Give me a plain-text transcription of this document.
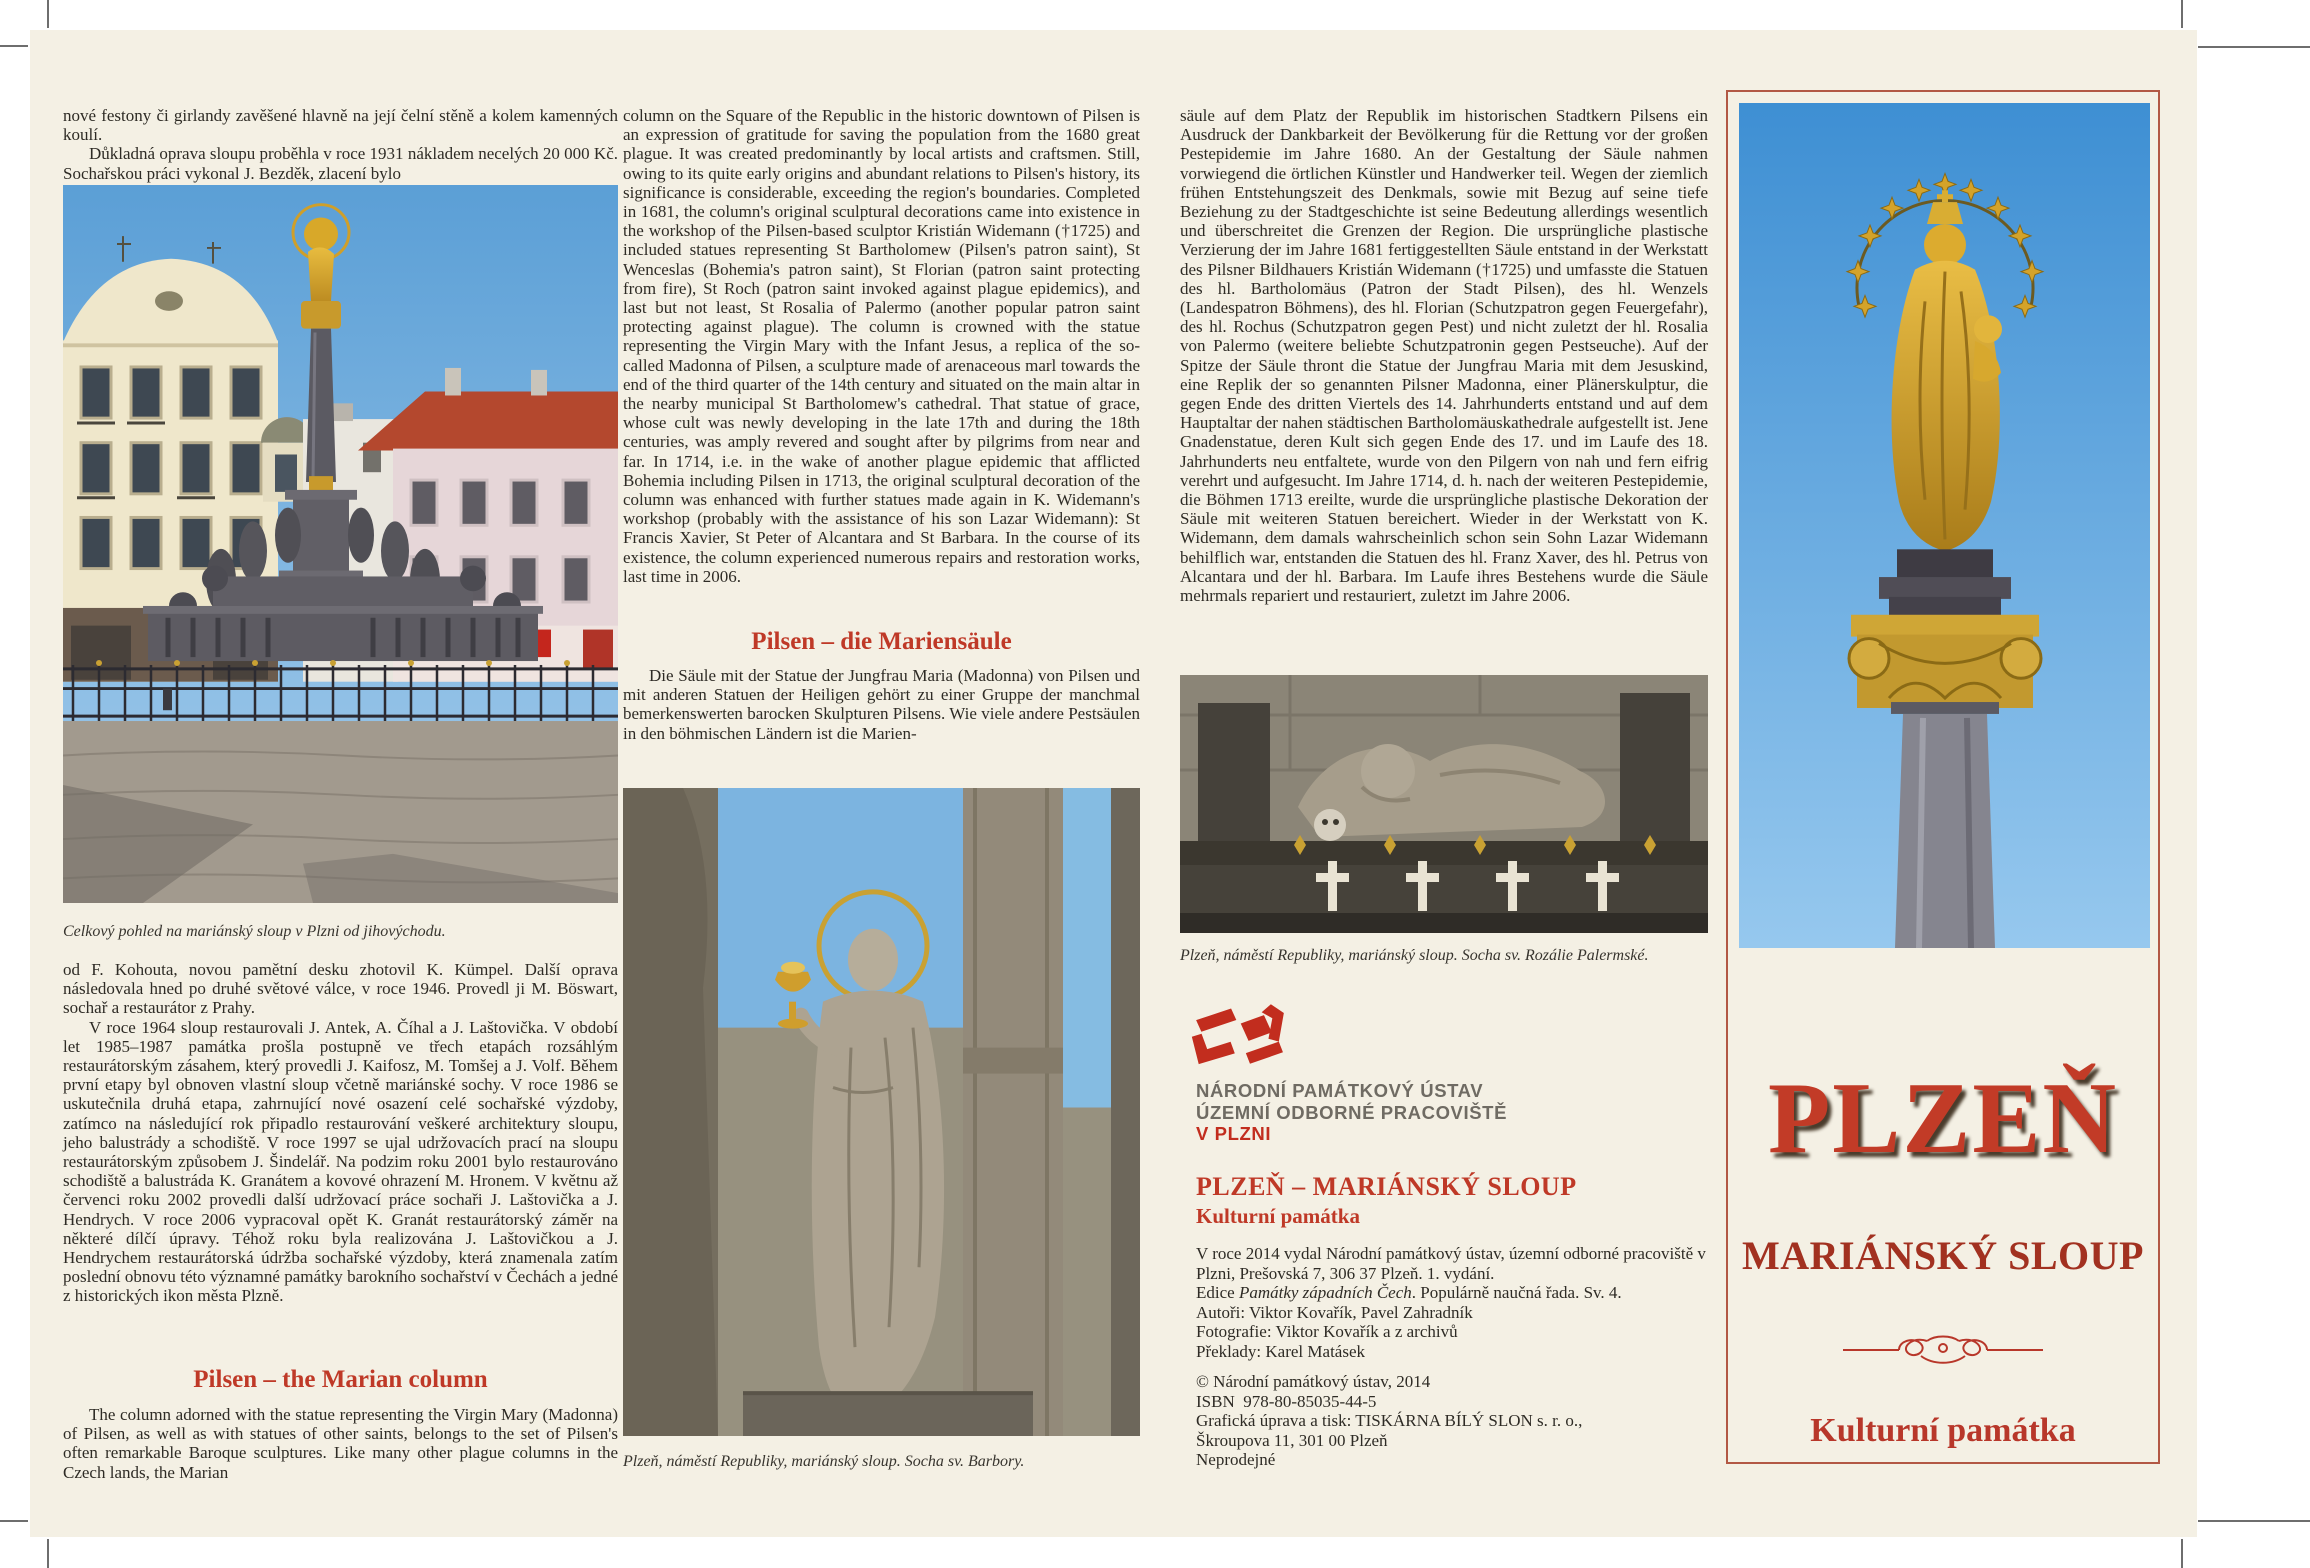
nové festony či girlandy zavěšené hlavně na její čelní stěně a kolem kamenných koulí.

Důkladná oprava sloupu proběhla v roce 1931 nákladem necelých 20 000 Kč. Sochařskou práci vykonal J. Bezděk, zlacení bylo

Celkový pohled na mariánský sloup v Plzni od jihovýchodu.

od F. Kohouta, novou pamětní desku zhotovil K. Kümpel. Další oprava následovala hned po druhé světové válce, v roce 1946. Provedl ji M. Böswart, sochař a restaurátor z Prahy.

V roce 1964 sloup restaurovali J. Antek, A. Číhal a J. Laštovička. V období let 1985–1987 památka prošla postupně ve třech etapách rozsáhlým restaurátorským zásahem, který provedli J. Kaifosz, M. Tomšej a J. Volf. Během první etapy byl obnoven vlastní sloup včetně mariánské sochy. V roce 1986 se uskutečnila druhá etapa, zahrnující nové osazení celé sochařské výzdoby, zatímco na následující rok připadlo restaurování veškeré architektury sloupu, jeho balustrády a schodiště. V roce 1997 se ujal udržovacích prací na sloupu restaurátorským způsobem J. Šindelář. Na podzim roku 2001 bylo restaurováno schodiště a balustráda K. Granátem a kovové ohrazení M. Hronem. V květnu až červenci roku 2002 provedli další udržovací práce sochaři J. Laštovička a J. Hendrych. V roce 2006 vypracoval opět K. Granát restaurátorský záměr na některé dílčí úpravy. Téhož roku byla realizována J. Laštovičkou a J. Hendrychem restaurátorská údržba sochařské výzdoby, která znamenala zatím poslední obnovu této významné památky barokního sochařství v Čechách a jedné z historických ikon města Plzně.

Pilsen – the Marian column

The column adorned with the statue representing the Virgin Mary (Madonna) of Pilsen, as well as with statues of other saints, belongs to the set of Pilsen's often remarkable Baroque sculptures. Like many other plague columns in the Czech lands, the Marian

column on the Square of the Republic in the historic downtown of Pilsen is an expression of gratitude for saving the population from the 1680 great plague. It was created predominantly by local artists and craftsmen. Still, owing to its quite early origins and abundant relations to Pilsen's history, its significance is considerable, exceeding the region's boundaries. Completed in 1681, the column's original sculptural decorations came into existence in the workshop of the Pilsen-based sculptor Kristián Widemann (†1725) and included statues representing St Bartholomew (Pilsen's patron saint), St Wenceslas (Bohemia's patron saint), St Florian (patron saint protecting from fire), St Roch (patron saint invoked against plague epidemics), and last but not least, St Rosalia of Palermo (another popular patron saint protecting against plague). The column is crowned with the statue representing the Virgin Mary with the Infant Jesus, a replica of the so-called Madonna of Pilsen, a sculpture made of arenaceous marl towards the end of the third quarter of the 14th century and situated on the main altar in the nearby municipal St Bartholomew's cathedral. That statue of grace, whose cult was newly developing in the late 17th and during the 18th centuries, was amply revered and sought after by pilgrims from near and far. In 1714, i.e. in the wake of another plague epidemic that afflicted Bohemia including Pilsen in 1713, the original sculptural decoration of the column was enhanced with further statues made again in K. Widemann's workshop (probably with the assistance of his son Lazar Widemann): St Francis Xavier, St Peter of Alcantara and St Barbara. In the course of its existence, the column experienced numerous repairs and restoration works, last time in 2006.

Pilsen – die Mariensäule

Die Säule mit der Statue der Jungfrau Maria (Madonna) von Pilsen und mit anderen Statuen der Heiligen gehört zu einer Gruppe der manchmal bemerkenswerten barocken Skulpturen Pilsens. Wie viele andere Pestsäulen in den böhmischen Ländern ist die Marien-

Plzeň, náměstí Republiky, mariánský sloup. Socha sv. Barbory.

säule auf dem Platz der Republik im historischen Stadtkern Pilsens ein Ausdruck der Dankbarkeit der Bevölkerung für die Rettung vor der großen Pestepidemie im Jahre 1680. An der Gestaltung der Säule nahmen vorwiegend die örtlichen Künstler und Handwerker teil. Wegen der ziemlich frühen Entstehungszeit des Denkmals, sowie mit Bezug auf seine tiefe Beziehung zu der Stadtgeschichte ist seine Bedeutung allerdings wesentlich und überschreitet die Grenzen der Region. Die ursprüngliche plastische Verzierung der im Jahre 1681 fertiggestellten Säule entstand in der Werkstatt des Pilsner Bildhauers Kristián Widemann (†1725) und umfasste die Statuen des hl. Bartholomäus (Patron der Stadt Pilsen), des hl. Wenzels (Landespatron Böhmens), des hl. Florian (Schutzpatron gegen Feuergefahr), des hl. Rochus (Schutzpatron gegen Pest) und nicht zuletzt der hl. Rosalia von Palermo (weitere beliebte Schutzpatronin gegen Pestseuche). Auf der Spitze der Säule thront die Statue der Jungfrau Maria mit dem Jesuskind, eine Replik der so genannten Pilsner Madonna, einer Plänerskulptur, die gegen Ende des dritten Viertels des 14. Jahrhunderts entstand und auf dem Hauptaltar der nahen städtischen Bartholomäuskathedrale aufgestellt ist. Jene Gnadenstatue, deren Kult sich gegen Ende des 17. und im Laufe des 18. Jahrhunderts neu entfaltete, wurde von den Pilgern von nah und fern eifrig verehrt und aufgesucht. Im Jahre 1714, d. h. nach der weiteren Pestepidemie, die Böhmen 1713 ereilte, wurde die ursprüngliche plastische Dekoration der Säule mit weiteren Statuen bereichert. Wieder in der Werkstatt von K. Widemann, dem damals wahrscheinlich schon sein Sohn Lazar Widemann behilflich war, entstanden die Statuen des hl. Franz Xaver, des hl. Petrus von Alcantara und der hl. Barbara. Im Laufe ihres Bestehens wurde die Säule mehrmals repariert und restauriert, zuletzt im Jahre 2006.

Plzeň, náměstí Republiky, mariánský sloup. Socha sv. Rozálie Palermské.

NÁRODNÍ PAMÁTKOVÝ ÚSTAV
ÚZEMNÍ ODBORNÉ PRACOVIŠTĚ
V PLZNI
PLZEŇ – MARIÁNSKÝ SLOUP
Kulturní památka

V roce 2014 vydal Národní památkový ústav, územní odborné pracoviště v Plzni, Prešovská 7, 306 37 Plzeň. 1. vydání.

Edice Památky západních Čech. Populárně naučná řada. Sv. 4.

Autoři: Viktor Kovařík, Pavel Zahradník

Fotografie: Viktor Kovařík a z archivů

Překlady: Karel Matásek

© Národní památkový ústav, 2014

ISBN  978-80-85035-44-5

Grafická úprava a tisk: TISKÁRNA BÍLÝ SLON s. r. o.,

Škroupova 11, 301 00 Plzeň

Neprodejné

PLZEŇ
MARIÁNSKÝ SLOUP
Kulturní památka
